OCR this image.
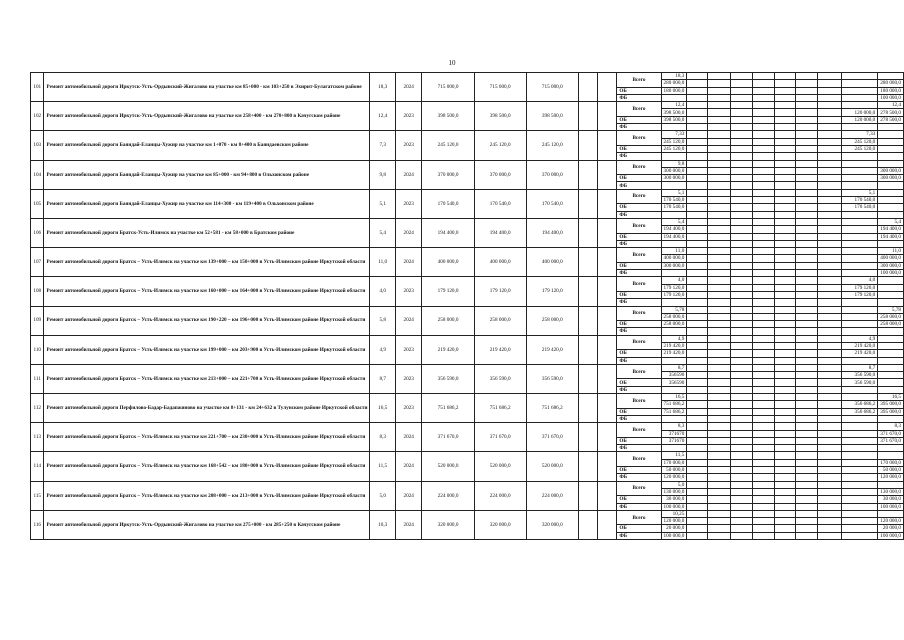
10
101	Ремонт автомобильной дороги Иркутск-Усть-Ордынский-Жигалово на участке км 85+000 - км 103+250 в Эхирит-Булагатском районе	18,3	2024	715 000,0	715 000,0	715 000,0			Всего	18,3									
										280 000,0									280 000,0
									ОБ	180 000,0									180 000,0
									ФБ										100 000,0
102	Ремонт автомобильной дороги Иркутск-Усть-Ордынский-Жигалово на участке км 258+400 - км 270+800 в Качугском районе	12,4	2023	398 500,0	398 500,0	398 500,0			Всего	12,4									12,4
										398 500,0								120 000,0	278 500,0
									ОБ	398 500,0								120 000,0	278 500,0
									ФБ										
103	Ремонт автомобильной дороги Баяндай-Еланцы-Хужир на участке км 1+070 - км 8+400 в Баяндаевском районе	7,3	2023	245 120,0	245 120,0	245 120,0			Всего	7,33								7,33	
										245 120,0								245 120,0	
									ОБ	245 120,0								245 120,0	
									ФБ										
104	Ремонт автомобильной дороги Баяндай-Еланцы-Хужир на участке км 85+000 - км 94+800 в Ольхонском районе	9,8	2024	370 000,0	370 000,0	370 000,0			Всего	9,8									
										300 000,0									300 000,0
									ОБ	300 000,0									300 000,0
									ФБ										
105	Ремонт автомобильной дороги Баяндай-Еланцы-Хужир на участке км 114+300 - км 119+400 в Ольхонском районе	5,1	2023	170 540,0	170 540,0	170 540,0			Всего	5,1								5,1	
										170 540,0								170 540,0	
									ОБ	170 540,0								170 540,0	
									ФБ										
106	Ремонт автомобильной дороги Братск-Усть-Илимск на участке км 52+581 - км 58+000 в Братском районе	5,4	2024	194 400,0	194 400,0	194 400,0			Всего	5,4									5,4
										194 400,0									194 400,0
									ОБ	194 400,0									194 400,0
									ФБ										
107	Ремонт автомобильной дороги Братск – Усть-Илимск на участке км 139+000 – км 150+000 в Усть-Илимском районе Иркутской области	11,0	2024	400 000,0	400 000,0	400 000,0			Всего	11,0									11,0
										400 000,0									400 000,0
									ОБ	300 000,0									300 000,0
									ФБ										100 000,0
108	Ремонт автомобильной дороги Братск – Усть-Илимск на участке км 160+000 – км 164+000 в Усть-Илимском районе Иркутской области	4,0	2023	179 120,0	179 120,0	179 120,0			Всего	4,0								4,0	
										179 120,0								179 120,0	
									ОБ	179 120,0								179 120,0	
									ФБ										
109	Ремонт автомобильной дороги Братск – Усть-Илимск на участке км 190+220 – км 196+000 в Усть-Илимском районе Иркутской области	5,8	2024	258 000,0	258 000,0	258 000,0			Всего	5,78									5,78
										258 000,0									258 000,0
									ОБ	258 000,0									258 000,0
									ФБ										
110	Ремонт автомобильной дороги Братск – Усть-Илимск на участке км 199+000 – км 203+900 в Усть-Илимском районе Иркутской области	4,9	2023	219 420,0	219 420,0	219 420,0			Всего	4,9								4,9	
										219 420,0								219 420,0	
									ОБ	219 420,0								219 420,0	
									ФБ										
111	Ремонт автомобильной дороги Братск – Усть-Илимск на участке км 213+000 – км 221+700 в Усть-Илимском районе Иркутской области	8,7	2023	356 590,0	356 590,0	356 590,0			Всего	8,7								8,7	
										356590								356 590,0	
									ОБ	356590								356 590,0	
									ФБ										
112	Ремонт автомобильной дороги Перфилово-Бадар-Бадапжиново на участке км 8+131 - км 24+632 в Тулунском районе Иркутской области	16,5	2023	751 686,2	751 686,2	751 686,2			Всего	16,5									16,5
										751 686,2								356 686,2	395 000,0
									ОБ	751 686,2								356 686,2	395 000,0
									ФБ										
113	Ремонт автомобильной дороги Братск – Усть-Илимск на участке км 221+700 – км 230+000 в Усть-Илимском районе Иркутской области	8,3	2024	371 670,0	371 670,0	371 670,0			Всего	8,3									8,3
										371670									371 670,0
									ОБ	371670									371 670,0
									ФБ										
114	Ремонт автомобильной дороги Братск – Усть-Илимск на участке км 168+542 – км 180+000 в Усть-Илимском районе Иркутской области	11,5	2024	520 000,0	520 000,0	520 000,0			Всего	11,5									
										170 000,0									170 000,0
									ОБ	50 000,0									50 000,0
									ФБ	120 000,0									120 000,0
115	Ремонт автомобильной дороги Братск – Усть-Илимск на участке км 208+000 – км 213+000 в Усть-Илимском районе Иркутской области	5,0	2024	224 000,0	224 000,0	224 000,0			Всего	5,0									
										130 000,0									130 000,0
									ОБ	30 000,0									30 000,0
									ФБ	100 000,0									100 000,0
116	Ремонт автомобильной дороги Иркутск-Усть-Ордынский-Жигалово на участке км 275+000 - км 285+250 в Качугском районе	10,3	2024	320 000,0	320 000,0	320 000,0			Всего	10,25									
										120 000,0									120 000,0
									ОБ	20 000,0									20 000,0
									ФБ	100 000,0									100 000,0
